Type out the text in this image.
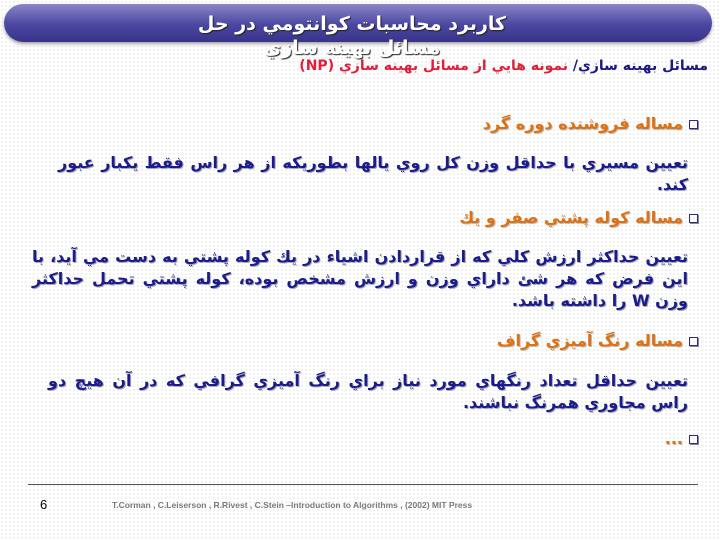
كاربرد محاسبات كوانتومي در حل مسائل بهينه سازي
مسائل بهينه سازي/ نمونه هايي از مسائل بهينه سازي (NP)
مساله فروشنده دوره گرد
تعيين مسيري با حداقل وزن كل روي يالها بطوريكه از هر راس فقط يكبار عبور كند.
مساله كوله پشتي صفر و يك
تعيين حداكثر ارزش كلي كه از قراردادن اشياء در يك كوله پشتي به دست مي آيد، با اين فرض كه هر شئ داراي وزن و ارزش مشخص بوده، كوله پشتي تحمل حداكثر وزن W را داشته باشد.
مساله رنگ آميزي گراف
تعيين حداقل تعداد رنگهاي مورد نياز براي رنگ آميزي گرافي كه در آن هيچ دو راس مجاوري همرنگ نباشند.
...
6	T.Corman , C.Leiserson , R.Rivest , C.Stein –Introduction to Algorithms , (2002) MIT Press
